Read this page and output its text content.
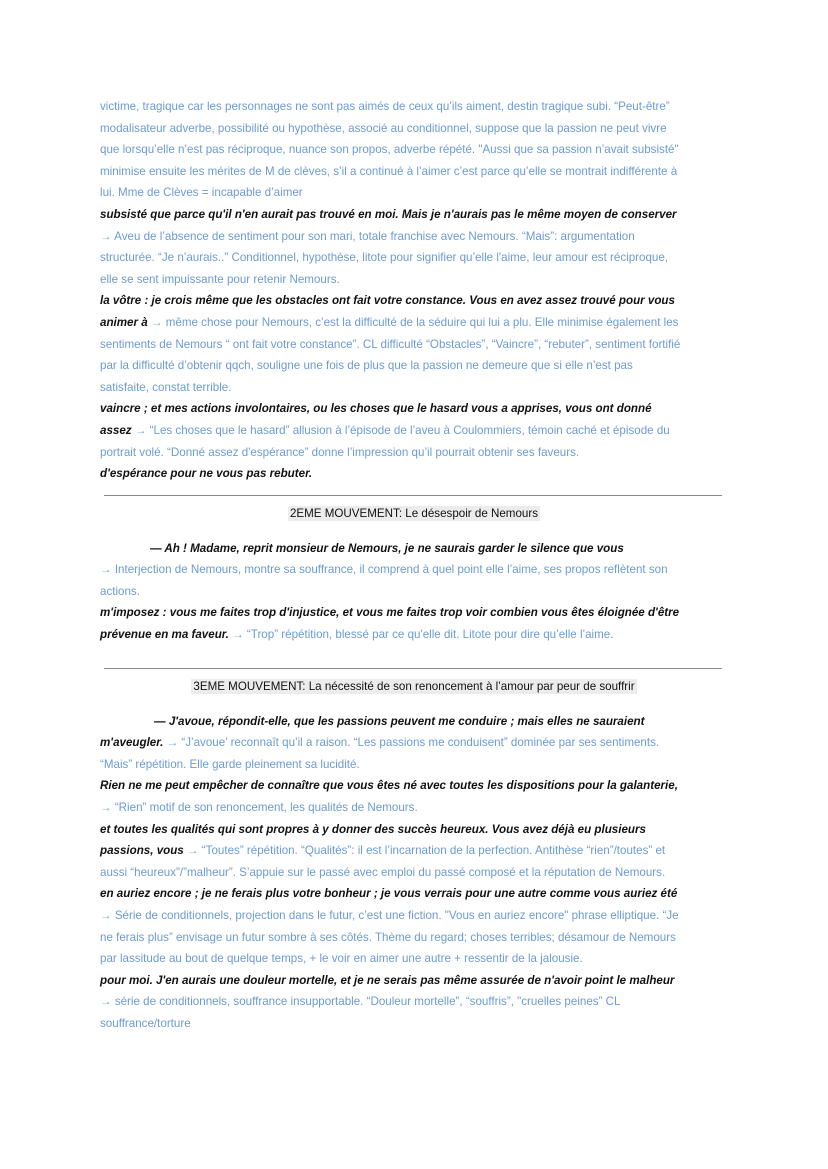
victime, tragique car les personnages ne sont pas aimés de ceux qu’ils aiment, destin tragique subi. “Peut-être”
modalisateur adverbe, possibilité ou hypothèse, associé au conditionnel, suppose que la passion ne peut vivre
que lorsqu’elle n’est pas réciproque, nuance son propos, adverbe répété. "Aussi que sa passion n’avait subsisté"
minimise ensuite les mérites de M de clèves, s’il a continué à l’aimer c’est parce qu’elle se montrait indifférente à
lui. Mme de Clèves = incapable d’aimer
subsisté que parce qu'il n'en aurait pas trouvé en moi. Mais je n'aurais pas le même moyen de conserver
→ Aveu de l’absence de sentiment pour son mari, totale franchise avec Nemours. “Mais”: argumentation
structurée. “Je n’aurais..” Conditionnel, hypothèse, litote pour signifier qu’elle l'aime, leur amour est réciproque,
elle se sent impuissante pour retenir Nemours.
la vôtre : je crois même que les obstacles ont fait votre constance. Vous en avez assez trouvé pour vous
animer à → même chose pour Nemours, c’est la difficulté de la séduire qui lui a plu. Elle minimise également les
sentiments de Nemours “ ont fait votre constance”. CL difficulté “Obstacles”, “Vaincre”, “rebuter”, sentiment fortifié
par la difficulté d’obtenir qqch, souligne une fois de plus que la passion ne demeure que si elle n’est pas
satisfaite, constat terrible.
vaincre ; et mes actions involontaires, ou les choses que le hasard vous a apprises, vous ont donné
assez → “Les choses que le hasard” allusion à l’épisode de l’aveu à Coulommiers, témoin caché et épisode du
portrait volé. “Donné assez d'espérance” donne l’impression qu’il pourrait obtenir ses faveurs.
d'espérance pour ne vous pas rebuter.
2EME MOUVEMENT: Le désespoir de Nemours
— Ah ! Madame, reprit monsieur de Nemours, je ne saurais garder le silence que vous
→ Interjection de Nemours, montre sa souffrance, il comprend à quel point elle l’aime, ses propos reflètent son
actions.
m'imposez : vous me faites trop d'injustice, et vous me faites trop voir combien vous êtes éloignée d'être
prévenue en ma faveur. → “Trop” répétition, blessé par ce qu'elle dit. Litote pour dire qu’elle l’aime.
3EME MOUVEMENT: La nécessité de son renoncement à l’amour par peur de souffrir
— J'avoue, répondit-elle, que les passions peuvent me conduire ; mais elles ne sauraient
m'aveugler. → “J’avoue’ reconnaît qu’il a raison. “Les passions me conduisent” dominée par ses sentiments.
“Mais” répétition. Elle garde pleinement sa lucidité.
Rien ne me peut empêcher de connaître que vous êtes né avec toutes les dispositions pour la galanterie,
→ “Rien” motif de son renoncement, les qualités de Nemours.
et toutes les qualités qui sont propres à y donner des succès heureux. Vous avez déjà eu plusieurs
passions, vous → “Toutes” répétition. “Qualités”: il est l’incarnation de la perfection. Antithèse “rien”/toutes” et
aussi “heureux”/”malheur”. S’appuie sur le passé avec emploi du passé composé et la réputation de Nemours.
en auriez encore ; je ne ferais plus votre bonheur ; je vous verrais pour une autre comme vous auriez été
→ Série de conditionnels, projection dans le futur, c’est une fiction. "Vous en auriez encore" phrase elliptique. “Je
ne ferais plus” envisage un futur sombre à ses côtés. Thème du regard; choses terribles; désamour de Nemours
par lassitude au bout de quelque temps, + le voir en aimer une autre + ressentir de la jalousie.
pour moi. J'en aurais une douleur mortelle, et je ne serais pas même assurée de n'avoir point le malheur
→ série de conditionnels, souffrance insupportable. “Douleur mortelle”, “souffris”, "cruelles peines” CL
souffrance/torture
